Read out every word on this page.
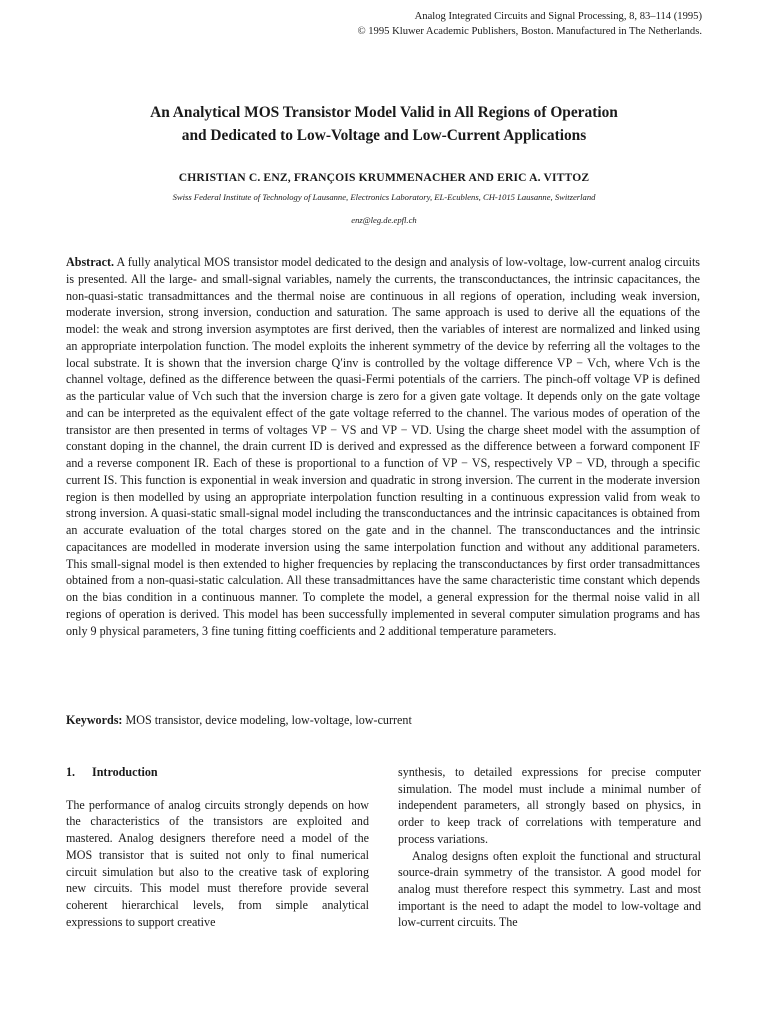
Analog Integrated Circuits and Signal Processing, 8, 83–114 (1995)
© 1995 Kluwer Academic Publishers, Boston. Manufactured in The Netherlands.
An Analytical MOS Transistor Model Valid in All Regions of Operation
and Dedicated to Low-Voltage and Low-Current Applications
CHRISTIAN C. ENZ, FRANÇOIS KRUMMENACHER AND ERIC A. VITTOZ
Swiss Federal Institute of Technology of Lausanne, Electronics Laboratory, EL-Ecublens, CH-1015 Lausanne, Switzerland
enz@leg.de.epfl.ch

Abstract. A fully analytical MOS transistor model dedicated to the design and analysis of low-voltage, low-current analog circuits is presented. All the large- and small-signal variables, namely the currents, the transconductances, the intrinsic capacitances, the non-quasi-static transadmittances and the thermal noise are continuous in all regions of operation, including weak inversion, moderate inversion, strong inversion, conduction and saturation. The same approach is used to derive all the equations of the model: the weak and strong inversion asymptotes are first derived, then the variables of interest are normalized and linked using an appropriate interpolation function. The model exploits the inherent symmetry of the device by referring all the voltages to the local substrate. It is shown that the inversion charge Q′inv is controlled by the voltage difference VP − Vch, where Vch is the channel voltage, defined as the difference between the quasi-Fermi potentials of the carriers. The pinch-off voltage VP is defined as the particular value of Vch such that the inversion charge is zero for a given gate voltage. It depends only on the gate voltage and can be interpreted as the equivalent effect of the gate voltage referred to the channel. The various modes of operation of the transistor are then presented in terms of voltages VP − VS and VP − VD. Using the charge sheet model with the assumption of constant doping in the channel, the drain current ID is derived and expressed as the difference between a forward component IF and a reverse component IR. Each of these is proportional to a function of VP − VS, respectively VP − VD, through a specific current IS. This function is exponential in weak inversion and quadratic in strong inversion. The current in the moderate inversion region is then modelled by using an appropriate interpolation function resulting in a continuous expression valid from weak to strong inversion. A quasi-static small-signal model including the transconductances and the intrinsic capacitances is obtained from an accurate evaluation of the total charges stored on the gate and in the channel. The transconductances and the intrinsic capacitances are modelled in moderate inversion using the same interpolation function and without any additional parameters. This small-signal model is then extended to higher frequencies by replacing the transconductances by first order transadmittances obtained from a non-quasi-static calculation. All these transadmittances have the same characteristic time constant which depends on the bias condition in a continuous manner. To complete the model, a general expression for the thermal noise valid in all regions of operation is derived. This model has been successfully implemented in several computer simulation programs and has only 9 physical parameters, 3 fine tuning fitting coefficients and 2 additional temperature parameters.

Keywords: MOS transistor, device modeling, low-voltage, low-current

1. Introduction

The performance of analog circuits strongly depends on how the characteristics of the transistors are exploited and mastered. Analog designers therefore need a model of the MOS transistor that is suited not only to final numerical circuit simulation but also to the creative task of exploring new circuits. This model must therefore provide several coherent hierarchical levels, from simple analytical expressions to support creative

synthesis, to detailed expressions for precise computer simulation. The model must include a minimal number of independent parameters, all strongly based on physics, in order to keep track of correlations with temperature and process variations.

Analog designs often exploit the functional and structural source-drain symmetry of the transistor. A good model for analog must therefore respect this symmetry. Last and most important is the need to adapt the model to low-voltage and low-current circuits. The
